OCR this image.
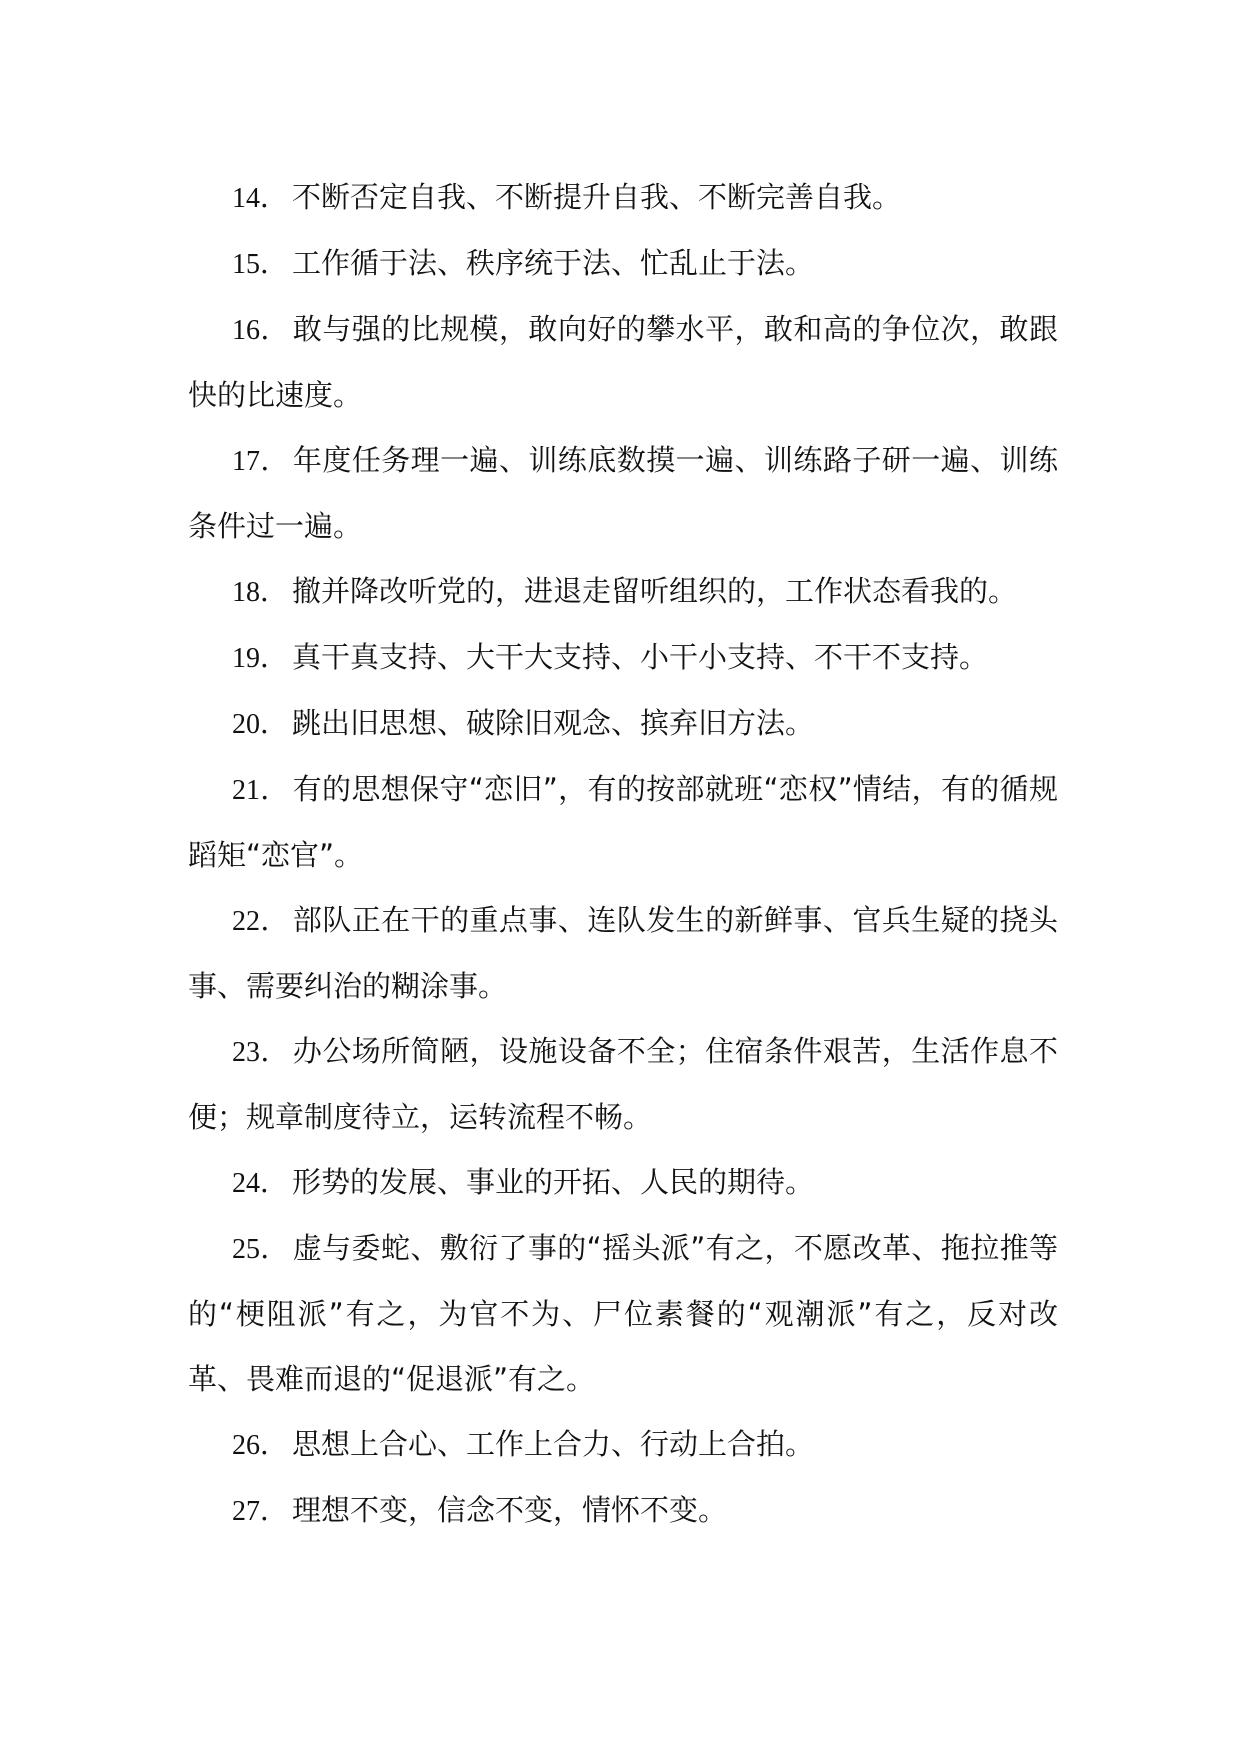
14． 不断否定自我、不断提升自我、不断完善自我。

15． 工作循于法、秩序统于法、忙乱止于法。

16． 敢与强的比规模，敢向好的攀水平，敢和高的争位次，敢跟快的比速度。

17． 年度任务理一遍、训练底数摸一遍、训练路子研一遍、训练条件过一遍。

18． 撤并降改听党的，进退走留听组织的，工作状态看我的。

19． 真干真支持、大干大支持、小干小支持、不干不支持。

20． 跳出旧思想、破除旧观念、摈弃旧方法。

21． 有的思想保守“恋旧”，有的按部就班“恋权”情结，有的循规蹈矩“恋官”。

22． 部队正在干的重点事、连队发生的新鲜事、官兵生疑的挠头事、需要纠治的糊涂事。

23． 办公场所简陋，设施设备不全；住宿条件艰苦，生活作息不便；规章制度待立，运转流程不畅。

24． 形势的发展、事业的开拓、人民的期待。

25． 虚与委蛇、敷衍了事的“摇头派”有之，不愿改革、拖拉推等的“梗阻派”有之，为官不为、尸位素餐的“观潮派”有之，反对改革、畏难而退的“促退派”有之。

26． 思想上合心、工作上合力、行动上合拍。

27． 理想不变，信念不变，情怀不变。
